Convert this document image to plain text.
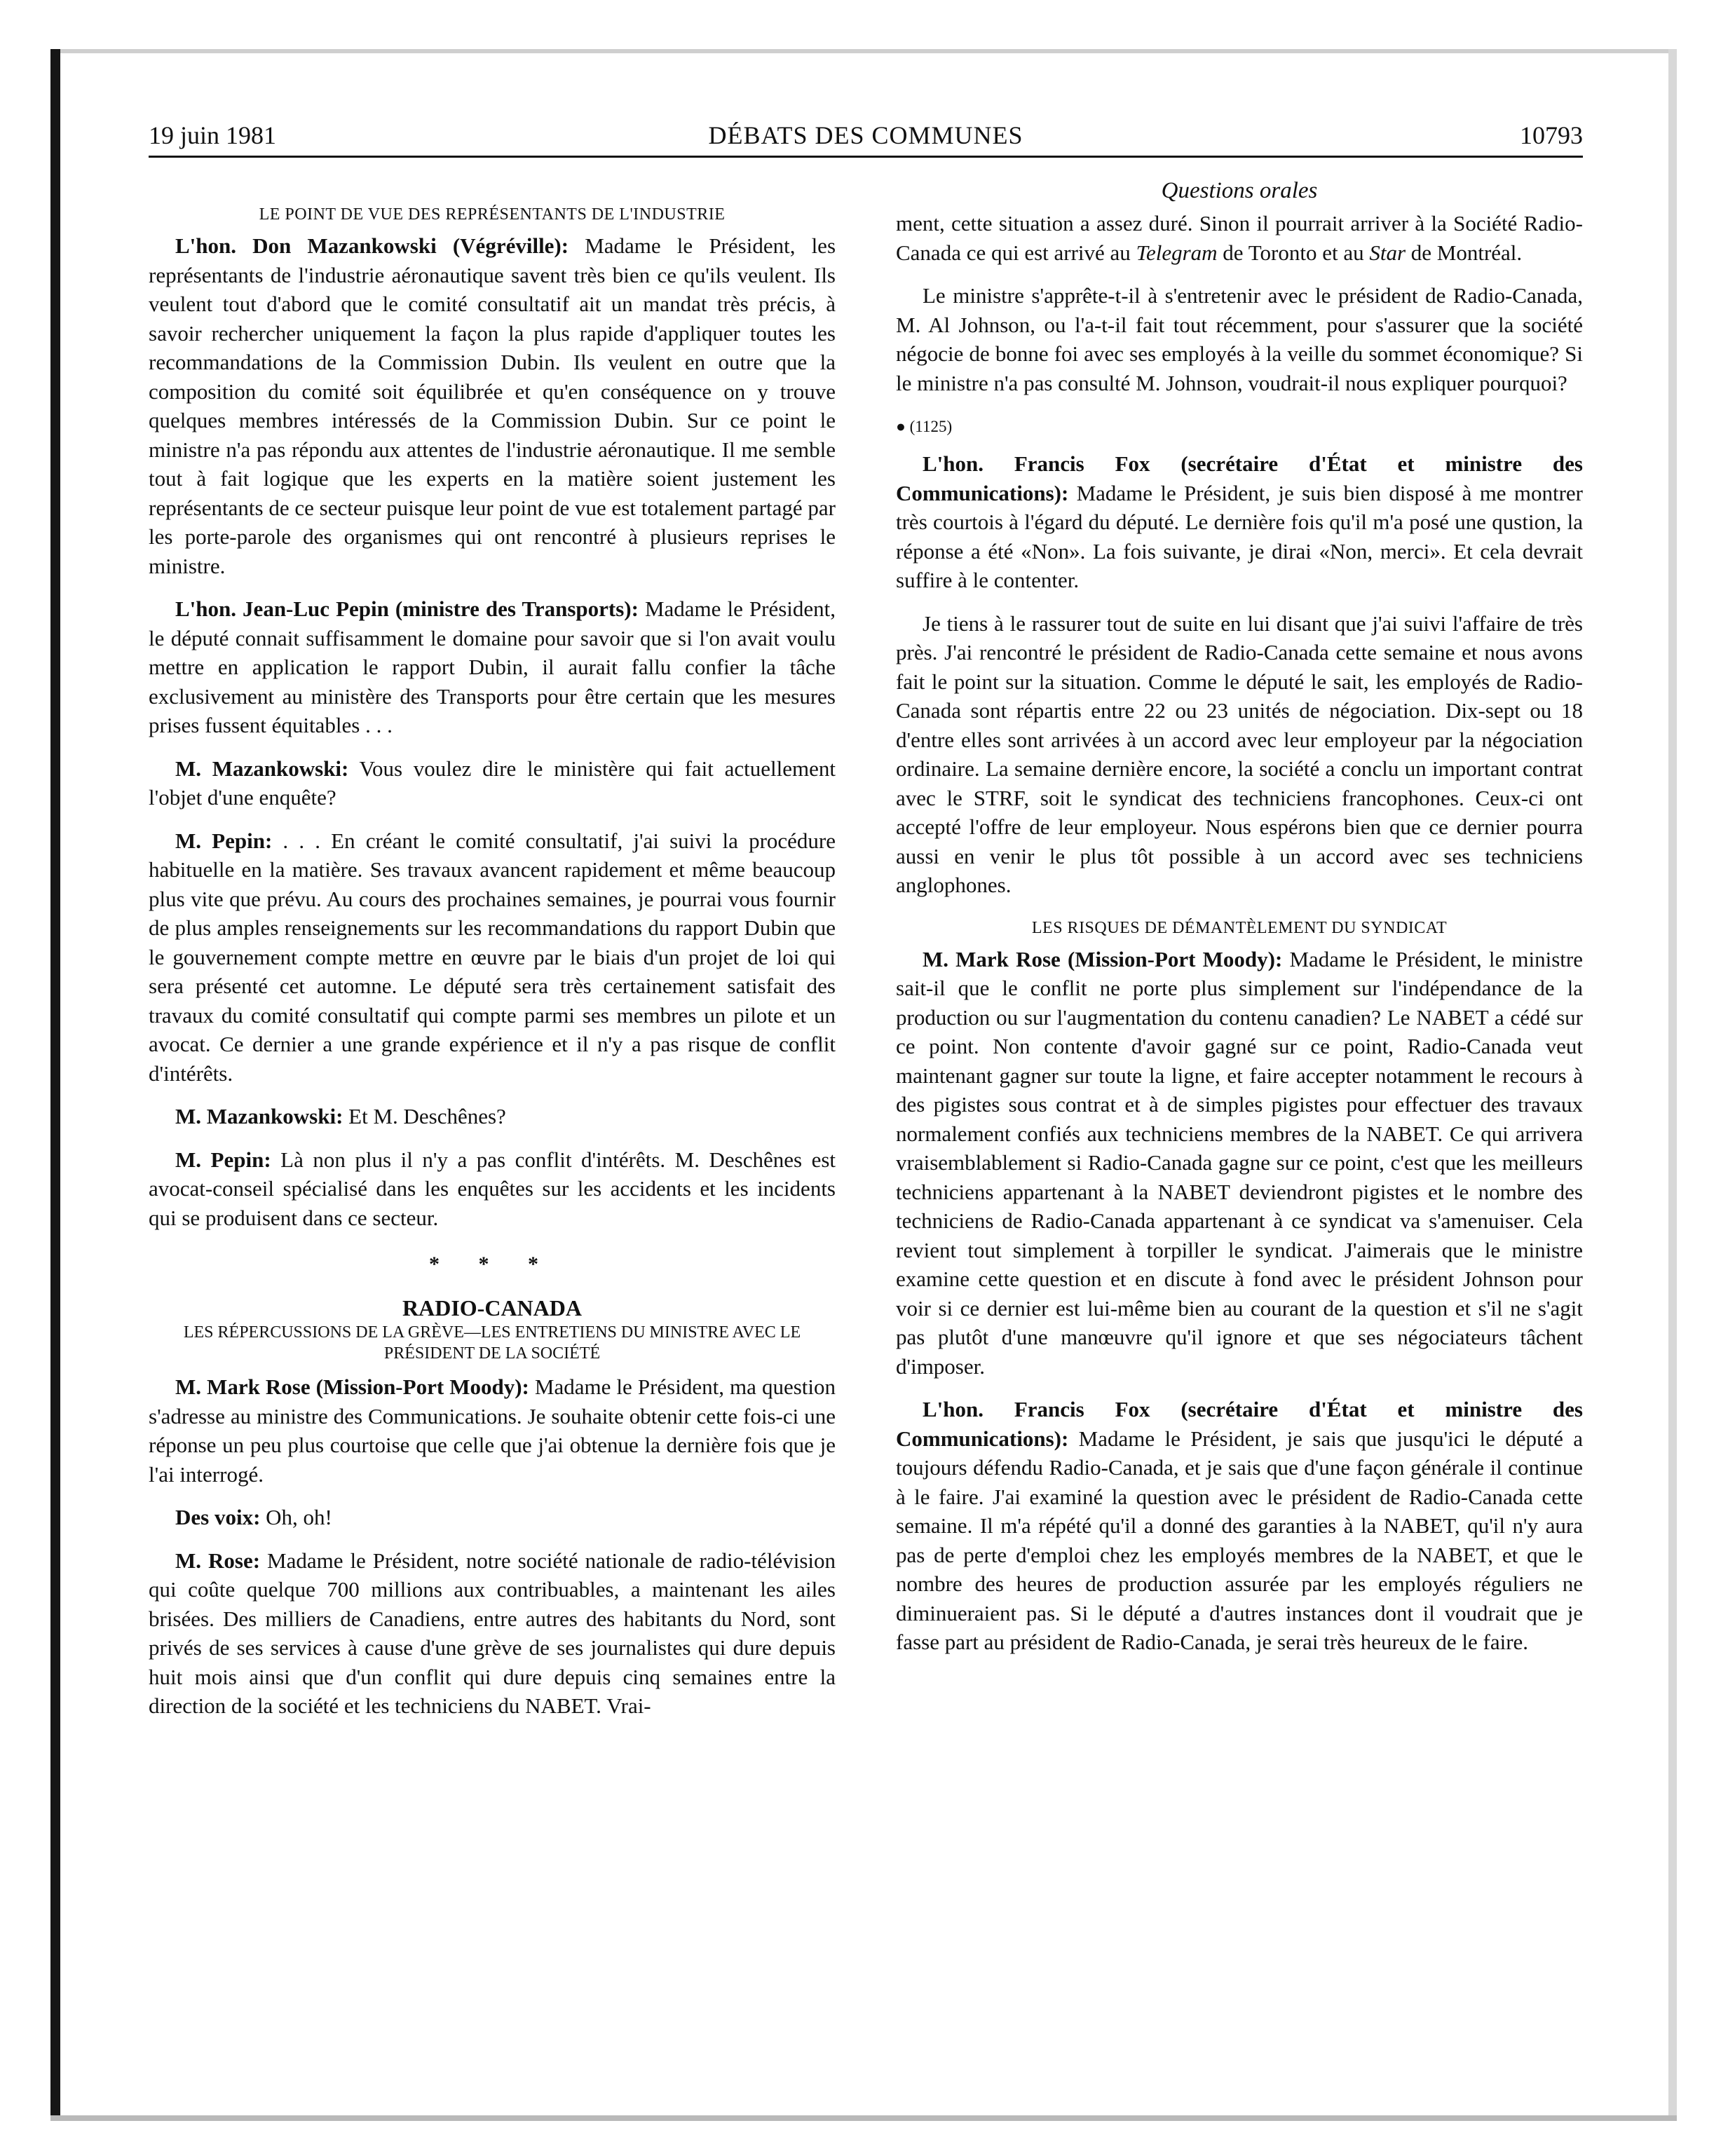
19 juin 1981	DÉBATS DES COMMUNES	10793
LE POINT DE VUE DES REPRÉSENTANTS DE L'INDUSTRIE

L'hon. Don Mazankowski (Végréville): Madame le Président, les représentants de l'industrie aéronautique savent très bien ce qu'ils veulent. Ils veulent tout d'abord que le comité consultatif ait un mandat très précis, à savoir rechercher uniquement la façon la plus rapide d'appliquer toutes les recommandations de la Commission Dubin. Ils veulent en outre que la composition du comité soit équilibrée et qu'en conséquence on y trouve quelques membres intéressés de la Commission Dubin. Sur ce point le ministre n'a pas répondu aux attentes de l'industrie aéronautique. Il me semble tout à fait logique que les experts en la matière soient justement les représentants de ce secteur puisque leur point de vue est totalement partagé par les porte-parole des organismes qui ont rencontré à plusieurs reprises le ministre.

L'hon. Jean-Luc Pepin (ministre des Transports): Madame le Président, le député connait suffisamment le domaine pour savoir que si l'on avait voulu mettre en application le rapport Dubin, il aurait fallu confier la tâche exclusivement au ministère des Transports pour être certain que les mesures prises fussent équitables . . .

M. Mazankowski: Vous voulez dire le ministère qui fait actuellement l'objet d'une enquête?

M. Pepin: . . . En créant le comité consultatif, j'ai suivi la procédure habituelle en la matière. Ses travaux avancent rapidement et même beaucoup plus vite que prévu. Au cours des prochaines semaines, je pourrai vous fournir de plus amples renseignements sur les recommandations du rapport Dubin que le gouvernement compte mettre en œuvre par le biais d'un projet de loi qui sera présenté cet automne. Le député sera très certainement satisfait des travaux du comité consultatif qui compte parmi ses membres un pilote et un avocat. Ce dernier a une grande expérience et il n'y a pas risque de conflit d'intérêts.

M. Mazankowski: Et M. Deschênes?

M. Pepin: Là non plus il n'y a pas conflit d'intérêts. M. Deschênes est avocat-conseil spécialisé dans les enquêtes sur les accidents et les incidents qui se produisent dans ce secteur.

* * *
RADIO-CANADA
LES RÉPERCUSSIONS DE LA GRÈVE—LES ENTRETIENS DU MINISTRE AVEC LE PRÉSIDENT DE LA SOCIÉTÉ

M. Mark Rose (Mission-Port Moody): Madame le Président, ma question s'adresse au ministre des Communications. Je souhaite obtenir cette fois-ci une réponse un peu plus courtoise que celle que j'ai obtenue la dernière fois que je l'ai interrogé.

Des voix: Oh, oh!

M. Rose: Madame le Président, notre société nationale de radio-télévision qui coûte quelque 700 millions aux contribuables, a maintenant les ailes brisées. Des milliers de Canadiens, entre autres des habitants du Nord, sont privés de ses services à cause d'une grève de ses journalistes qui dure depuis huit mois ainsi que d'un conflit qui dure depuis cinq semaines entre la direction de la société et les techniciens du NABET. Vrai-

Questions orales

ment, cette situation a assez duré. Sinon il pourrait arriver à la Société Radio-Canada ce qui est arrivé au Telegram de Toronto et au Star de Montréal.

Le ministre s'apprête-t-il à s'entretenir avec le président de Radio-Canada, M. Al Johnson, ou l'a-t-il fait tout récemment, pour s'assurer que la société négocie de bonne foi avec ses employés à la veille du sommet économique? Si le ministre n'a pas consulté M. Johnson, voudrait-il nous expliquer pourquoi?

● (1125)

L'hon. Francis Fox (secrétaire d'État et ministre des Communications): Madame le Président, je suis bien disposé à me montrer très courtois à l'égard du député. Le dernière fois qu'il m'a posé une qustion, la réponse a été «Non». La fois suivante, je dirai «Non, merci». Et cela devrait suffire à le contenter.

Je tiens à le rassurer tout de suite en lui disant que j'ai suivi l'affaire de très près. J'ai rencontré le président de Radio-Canada cette semaine et nous avons fait le point sur la situation. Comme le député le sait, les employés de Radio-Canada sont répartis entre 22 ou 23 unités de négociation. Dix-sept ou 18 d'entre elles sont arrivées à un accord avec leur employeur par la négociation ordinaire. La semaine dernière encore, la société a conclu un important contrat avec le STRF, soit le syndicat des techniciens francophones. Ceux-ci ont accepté l'offre de leur employeur. Nous espérons bien que ce dernier pourra aussi en venir le plus tôt possible à un accord avec ses techniciens anglophones.

LES RISQUES DE DÉMANTÈLEMENT DU SYNDICAT

M. Mark Rose (Mission-Port Moody): Madame le Président, le ministre sait-il que le conflit ne porte plus simplement sur l'indépendance de la production ou sur l'augmentation du contenu canadien? Le NABET a cédé sur ce point. Non contente d'avoir gagné sur ce point, Radio-Canada veut maintenant gagner sur toute la ligne, et faire accepter notamment le recours à des pigistes sous contrat et à de simples pigistes pour effectuer des travaux normalement confiés aux techniciens membres de la NABET. Ce qui arrivera vraisemblablement si Radio-Canada gagne sur ce point, c'est que les meilleurs techniciens appartenant à la NABET deviendront pigistes et le nombre des techniciens de Radio-Canada appartenant à ce syndicat va s'amenuiser. Cela revient tout simplement à torpiller le syndicat. J'aimerais que le ministre examine cette question et en discute à fond avec le président Johnson pour voir si ce dernier est lui-même bien au courant de la question et s'il ne s'agit pas plutôt d'une manœuvre qu'il ignore et que ses négociateurs tâchent d'imposer.

L'hon. Francis Fox (secrétaire d'État et ministre des Communications): Madame le Président, je sais que jusqu'ici le député a toujours défendu Radio-Canada, et je sais que d'une façon générale il continue à le faire. J'ai examiné la question avec le président de Radio-Canada cette semaine. Il m'a répété qu'il a donné des garanties à la NABET, qu'il n'y aura pas de perte d'emploi chez les employés membres de la NABET, et que le nombre des heures de production assurée par les employés réguliers ne diminueraient pas. Si le député a d'autres instances dont il voudrait que je fasse part au président de Radio-Canada, je serai très heureux de le faire.
